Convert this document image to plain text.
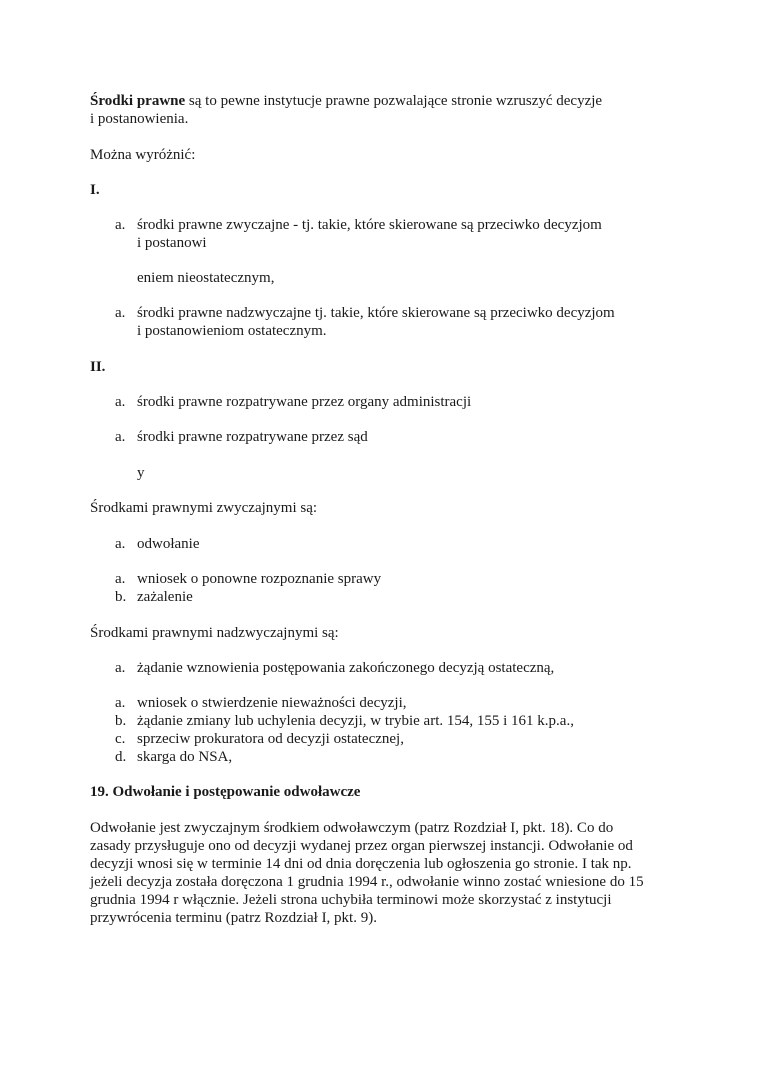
Środki prawne są to pewne instytucje prawne pozwalające stronie wzruszyć decyzje
i postanowienia.
Można wyróżnić:
I.
a. środki prawne zwyczajne - tj. takie, które skierowane są przeciwko decyzjom
i postanowi
eniem nieostatecznym,
a. środki prawne nadzwyczajne tj. takie, które skierowane są przeciwko decyzjom
i postanowieniom ostatecznym.
II.
a. środki prawne rozpatrywane przez organy administracji
a. środki prawne rozpatrywane przez sąd
y
Środkami prawnymi zwyczajnymi są:
a. odwołanie
a. wniosek o ponowne rozpoznanie sprawy
b. zażalenie
Środkami prawnymi nadzwyczajnymi są:
a. żądanie wznowienia postępowania zakończonego decyzją ostateczną,
a. wniosek o stwierdzenie nieważności decyzji,
b. żądanie zmiany lub uchylenia decyzji, w trybie art. 154, 155 i 161 k.p.a.,
c. sprzeciw prokuratora od decyzji ostatecznej,
d. skarga do NSA,
19. Odwołanie i postępowanie odwoławcze
Odwołanie jest zwyczajnym środkiem odwoławczym (patrz Rozdział I, pkt. 18). Co do
zasady przysługuje ono od decyzji wydanej przez organ pierwszej instancji. Odwołanie od
decyzji wnosi się w terminie 14 dni od dnia doręczenia lub ogłoszenia go stronie. I tak np.
jeżeli decyzja została doręczona 1 grudnia 1994 r., odwołanie winno zostać wniesione do 15
grudnia 1994 r włącznie. Jeżeli strona uchybiła terminowi może skorzystać z instytucji
przywrócenia terminu (patrz Rozdział I, pkt. 9).
